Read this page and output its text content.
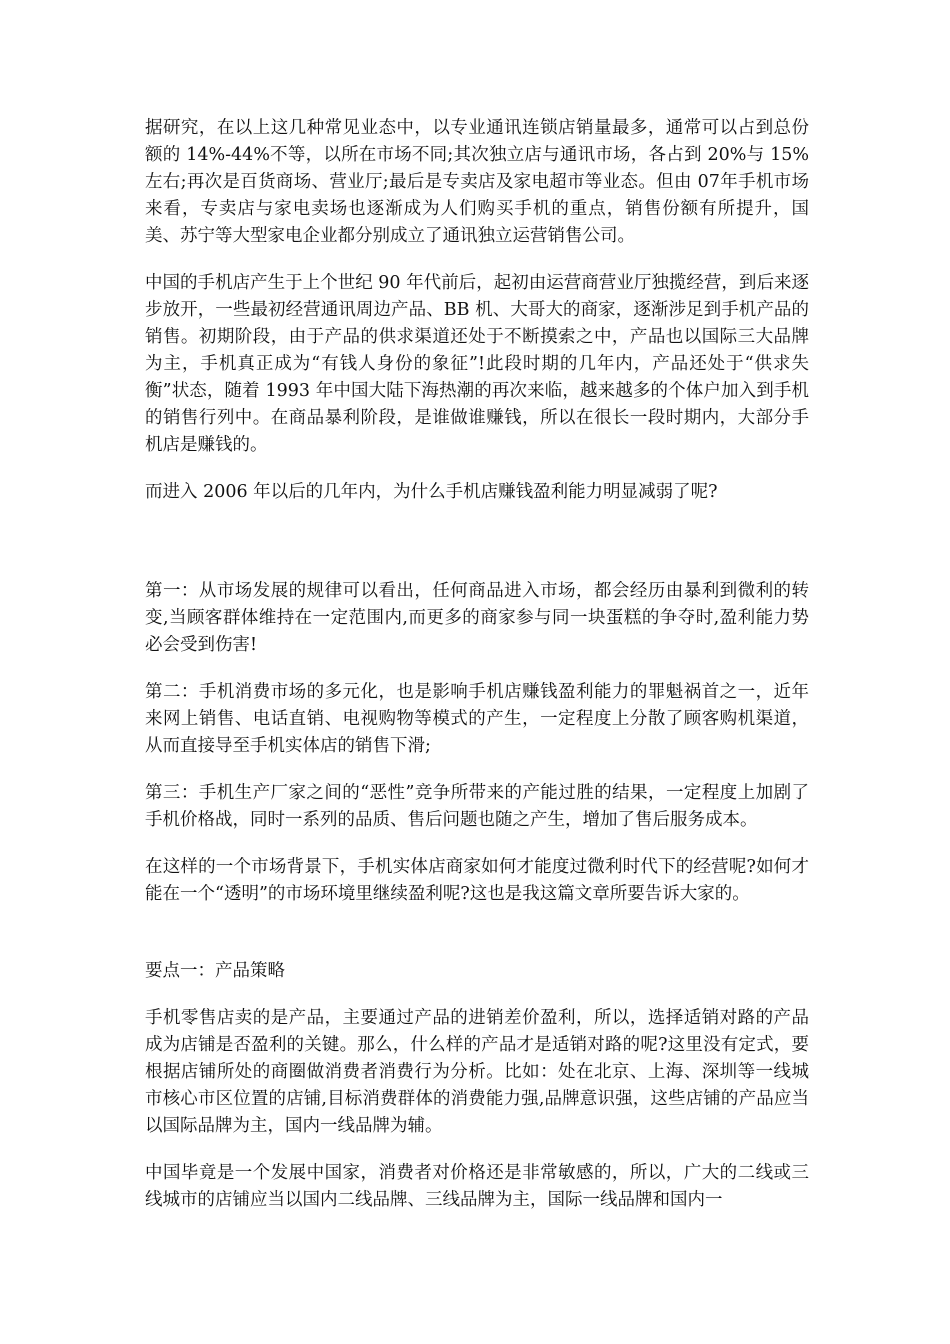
据研究，在以上这几种常见业态中，以专业通讯连锁店销量最多，通常可以占到总份额的 14%-44%不等，以所在市场不同;其次独立店与通讯市场，各占到 20%与 15%左右;再次是百货商场、营业厅;最后是专卖店及家电超市等业态。但由 07年手机市场来看，专卖店与家电卖场也逐渐成为人们购买手机的重点，销售份额有所提升，国美、苏宁等大型家电企业都分别成立了通讯独立运营销售公司。

中国的手机店产生于上个世纪 90 年代前后，起初由运营商营业厅独揽经营，到后来逐步放开，一些最初经营通讯周边产品、BB 机、大哥大的商家，逐渐涉足到手机产品的销售。初期阶段，由于产品的供求渠道还处于不断摸索之中，产品也以国际三大品牌为主，手机真正成为“有钱人身份的象征”!此段时期的几年内，产品还处于“供求失衡”状态，随着 1993 年中国大陆下海热潮的再次来临，越来越多的个体户加入到手机的销售行列中。在商品暴利阶段，是谁做谁赚钱，所以在很长一段时期内，大部分手机店是赚钱的。

而进入 2006 年以后的几年内，为什么手机店赚钱盈利能力明显减弱了呢?

第一：从市场发展的规律可以看出，任何商品进入市场，都会经历由暴利到微利的转变,当顾客群体维持在一定范围内,而更多的商家参与同一块蛋糕的争夺时,盈利能力势必会受到伤害!

第二：手机消费市场的多元化，也是影响手机店赚钱盈利能力的罪魁祸首之一，近年来网上销售、电话直销、电视购物等模式的产生，一定程度上分散了顾客购机渠道，从而直接导至手机实体店的销售下滑;

第三：手机生产厂家之间的“恶性”竞争所带来的产能过胜的结果，一定程度上加剧了手机价格战，同时一系列的品质、售后问题也随之产生，增加了售后服务成本。

在这样的一个市场背景下，手机实体店商家如何才能度过微利时代下的经营呢?如何才能在一个“透明”的市场环境里继续盈利呢?这也是我这篇文章所要告诉大家的。

要点一：产品策略

手机零售店卖的是产品，主要通过产品的进销差价盈利，所以，选择适销对路的产品成为店铺是否盈利的关键。那么，什么样的产品才是适销对路的呢?这里没有定式，要根据店铺所处的商圈做消费者消费行为分析。比如：处在北京、上海、深圳等一线城市核心市区位置的店铺,目标消费群体的消费能力强,品牌意识强，这些店铺的产品应当以国际品牌为主，国内一线品牌为辅。

中国毕竟是一个发展中国家，消费者对价格还是非常敏感的，所以，广大的二线或三线城市的店铺应当以国内二线品牌、三线品牌为主，国际一线品牌和国内一
